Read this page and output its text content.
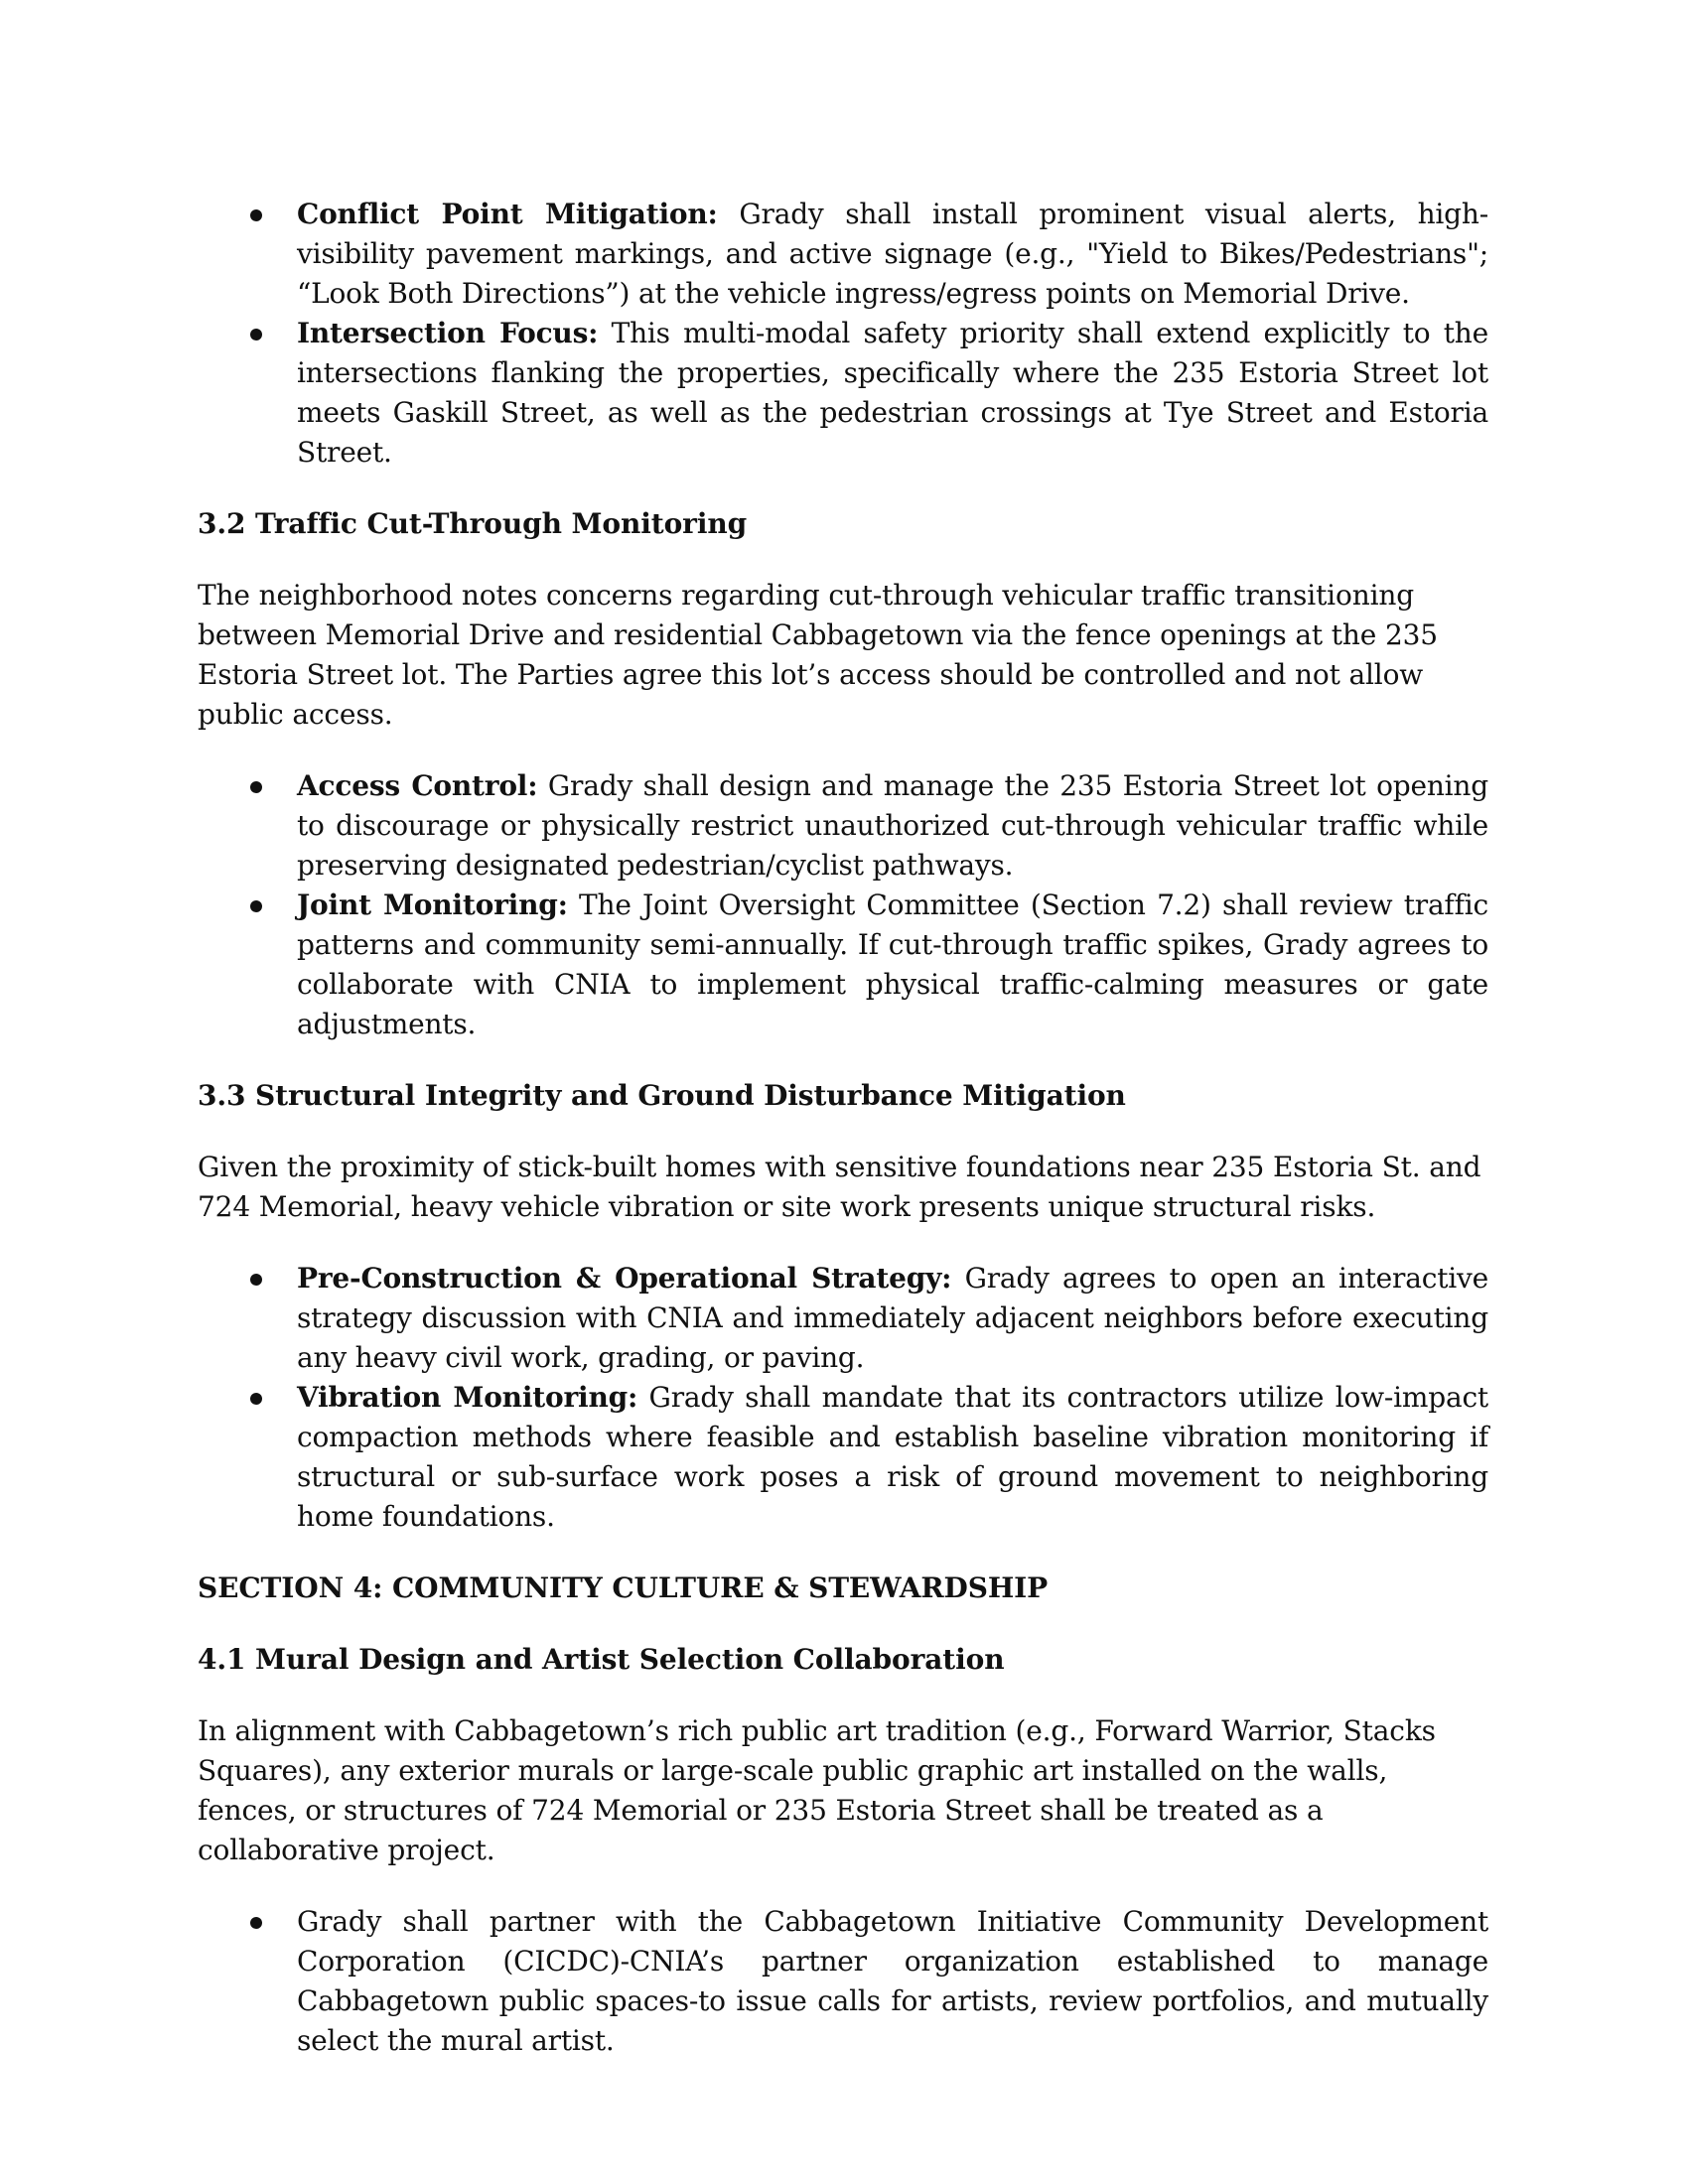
Conflict Point Mitigation: Grady shall install prominent visual alerts, high-visibility pavement markings, and active signage (e.g., "Yield to Bikes/Pedestrians"; “Look Both Directions”) at the vehicle ingress/egress points on Memorial Drive.
Intersection Focus: This multi-modal safety priority shall extend explicitly to the intersections flanking the properties, specifically where the 235 Estoria Street lot meets Gaskill Street, as well as the pedestrian crossings at Tye Street and Estoria Street.

3.2 Traffic Cut-Through Monitoring

The neighborhood notes concerns regarding cut-through vehicular traffic transitioning between Memorial Drive and residential Cabbagetown via the fence openings at the 235 Estoria Street lot. The Parties agree this lot’s access should be controlled and not allow public access.

Access Control: Grady shall design and manage the 235 Estoria Street lot opening to discourage or physically restrict unauthorized cut-through vehicular traffic while preserving designated pedestrian/cyclist pathways.
Joint Monitoring: The Joint Oversight Committee (Section 7.2) shall review traffic patterns and community semi-annually. If cut-through traffic spikes, Grady agrees to collaborate with CNIA to implement physical traffic-calming measures or gate adjustments.

3.3 Structural Integrity and Ground Disturbance Mitigation

Given the proximity of stick-built homes with sensitive foundations near 235 Estoria St. and 724 Memorial, heavy vehicle vibration or site work presents unique structural risks.

Pre-Construction & Operational Strategy: Grady agrees to open an interactive strategy discussion with CNIA and immediately adjacent neighbors before executing any heavy civil work, grading, or paving.
Vibration Monitoring: Grady shall mandate that its contractors utilize low-impact compaction methods where feasible and establish baseline vibration monitoring if structural or sub-surface work poses a risk of ground movement to neighboring home foundations.

SECTION 4: COMMUNITY CULTURE & STEWARDSHIP

4.1 Mural Design and Artist Selection Collaboration

In alignment with Cabbagetown’s rich public art tradition (e.g., Forward Warrior, Stacks Squares), any exterior murals or large-scale public graphic art installed on the walls, fences, or structures of 724 Memorial or 235 Estoria Street shall be treated as a collaborative project.

Grady shall partner with the Cabbagetown Initiative Community Development Corporation (CICDC)-CNIA’s partner organization established to manage Cabbagetown public spaces-to issue calls for artists, review portfolios, and mutually select the mural artist.
